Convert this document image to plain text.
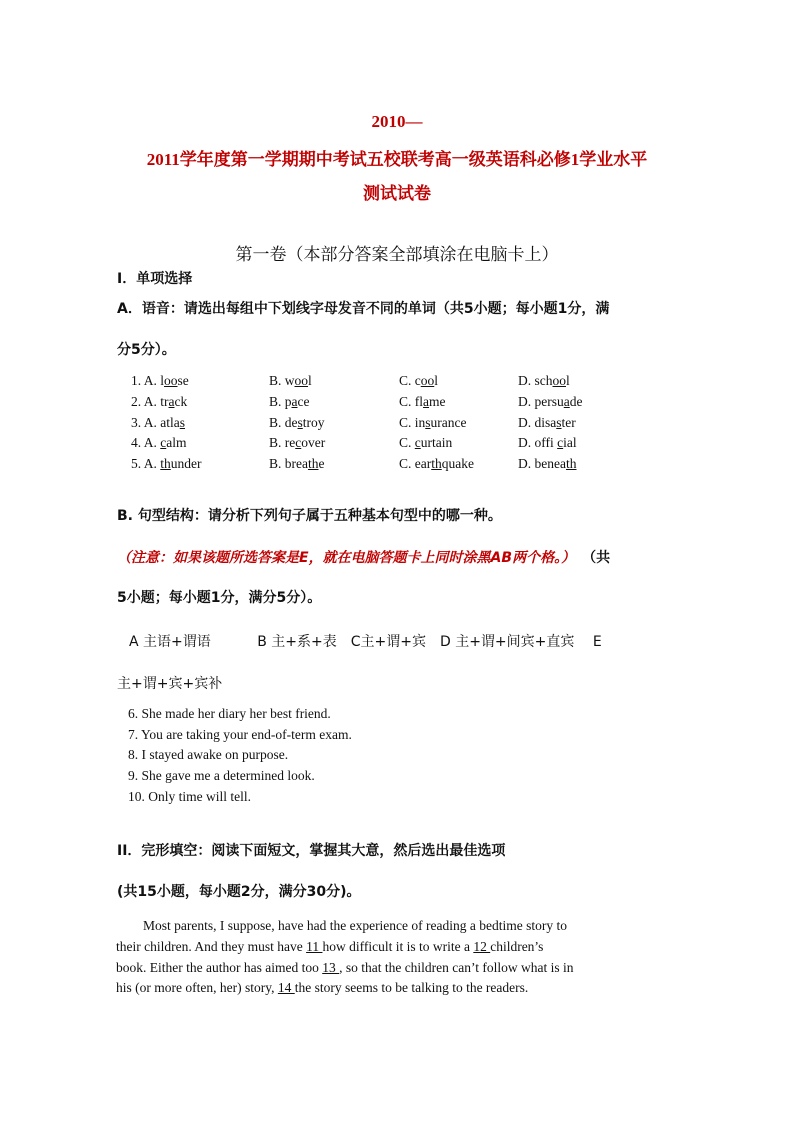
2010—
2011学年度第一学期期中考试五校联考高一级英语科必修1学业水平
测试试卷
第一卷（本部分答案全部填涂在电脑卡上）
I．单项选择
A．语音：请选出每组中下划线字母发音不同的单词（共5小题；每小题1分，满
分5分）。
1. A. loose	B. wool	C. cool	D. school
2. A. track	B. pace	C. flame	D. persuade
3. A. atlas	B. destroy	C. insurance	D. disaster
4. A. calm	B. recover	C. curtain	D. offi cial
5. A. thunder	B. breathe	C. earthquake	D. beneath
B. 句型结构：请分析下列句子属于五种基本句型中的哪一种。
（注意：如果该题所选答案是E，就在电脑答题卡上同时涂黑AB两个格。） （共
5小题；每小题1分，满分5分）。
A 主语+谓语　　　 B 主+系+表　C主+谓+宾　D 主+谓+间宾+直宾　 E
主+谓+宾+宾补
6. She made her diary her best friend.
7. You are taking your end-of-term exam.
8. I stayed awake on purpose.
9. She gave me a determined look.
10. Only time will tell.
II．完形填空：阅读下面短文，掌握其大意，然后选出最佳选项
(共15小题，每小题2分，满分30分)。
　　Most parents, I suppose, have had the experience of reading a bedtime story to
their children. And they must have 11 how difficult it is to write a 12 children’s
book. Either the author has aimed too 13 , so that the children can’t follow what is in
his (or more often, her) story, 14 the story seems to be talking to the readers.
